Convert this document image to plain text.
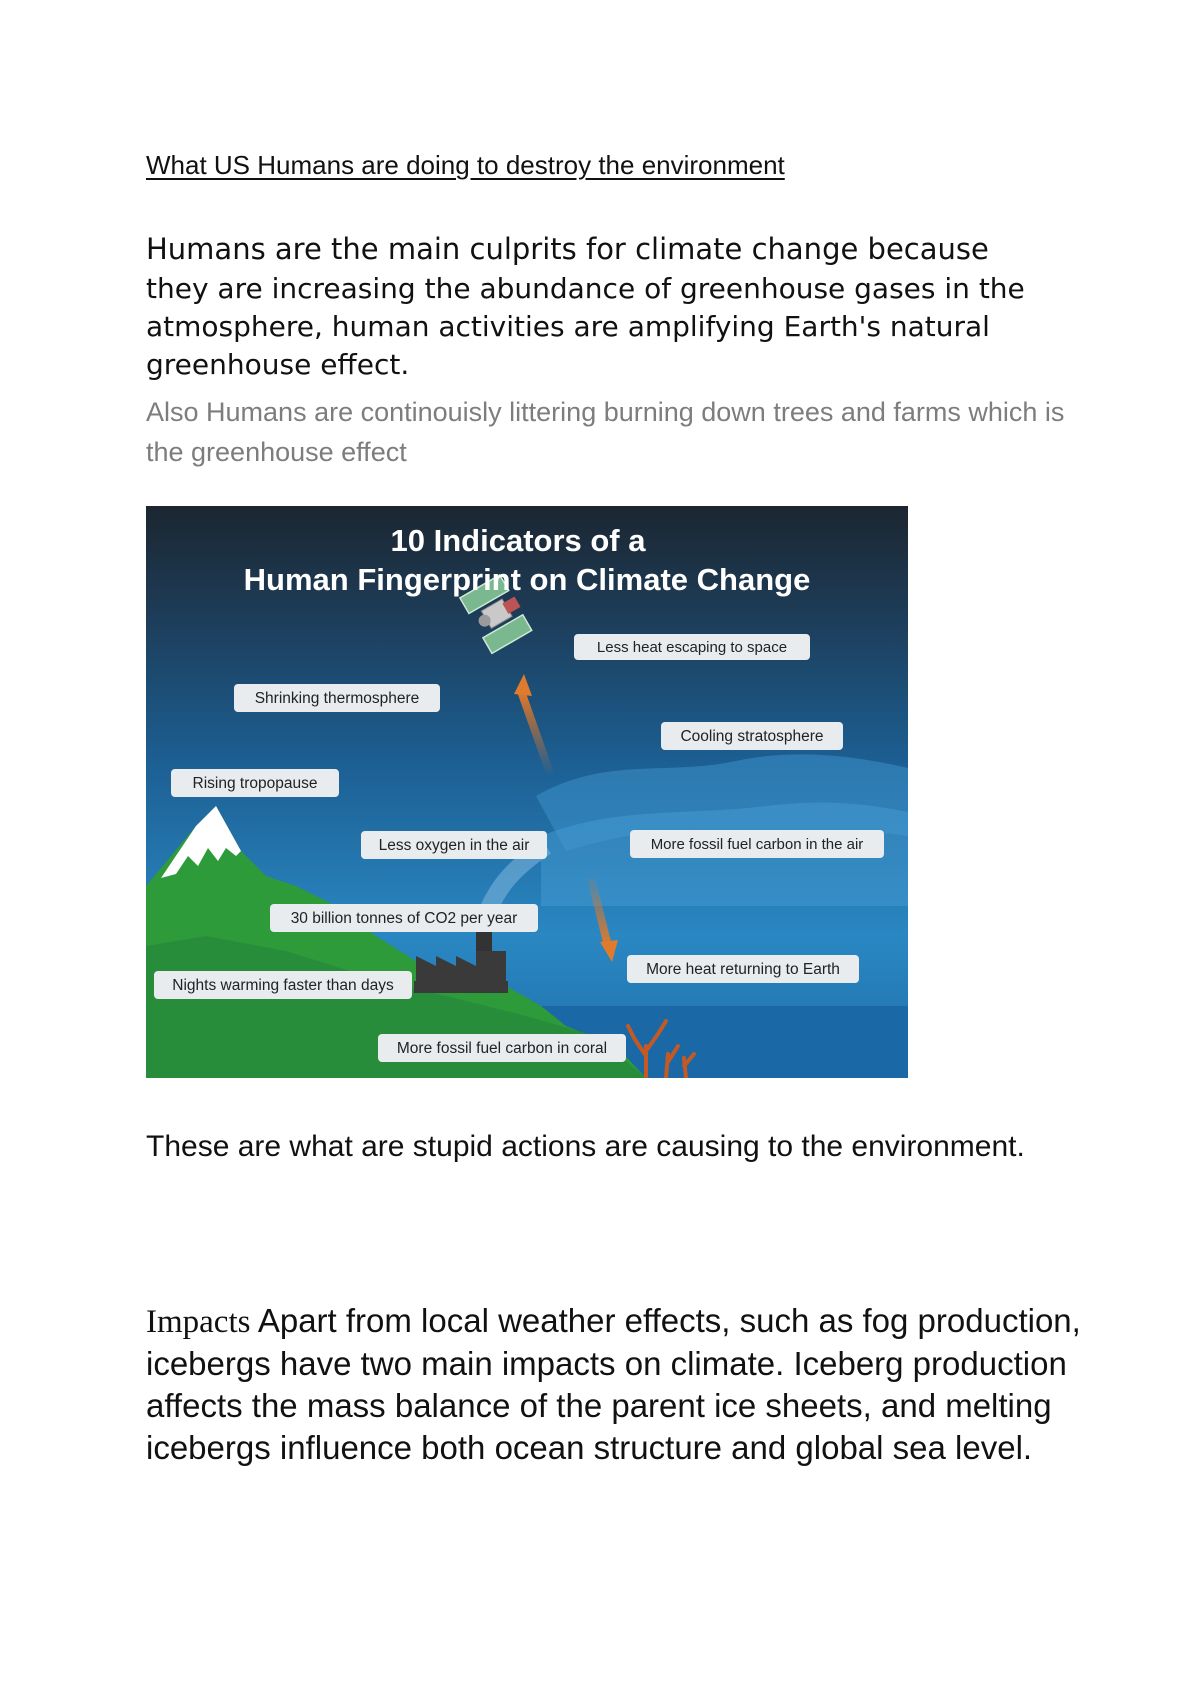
What US Humans are doing to destroy the environment

Humans are the main culprits for climate change because
they are increasing the abundance of greenhouse gases in the atmosphere, human activities are amplifying Earth's natural greenhouse effect.

Also Humans are continouisly littering burning down trees and farms which is the greenhouse effect

10 Indicators of a
Human Fingerprint on Climate Change
Less heat escaping to space
Shrinking thermosphere
Cooling stratosphere
Rising tropopause
Less oxygen in the air	More fossil fuel carbon in the air
30 billion tonnes of CO2 per year
More heat returning to Earth
Nights warming faster than days
More fossil fuel carbon in coral

These are what are stupid actions are causing to the environment.

Impacts Apart from local weather effects, such as fog production, icebergs have two main impacts on climate. Iceberg production affects the mass balance of the parent ice sheets, and melting icebergs influence both ocean structure and global sea level.
